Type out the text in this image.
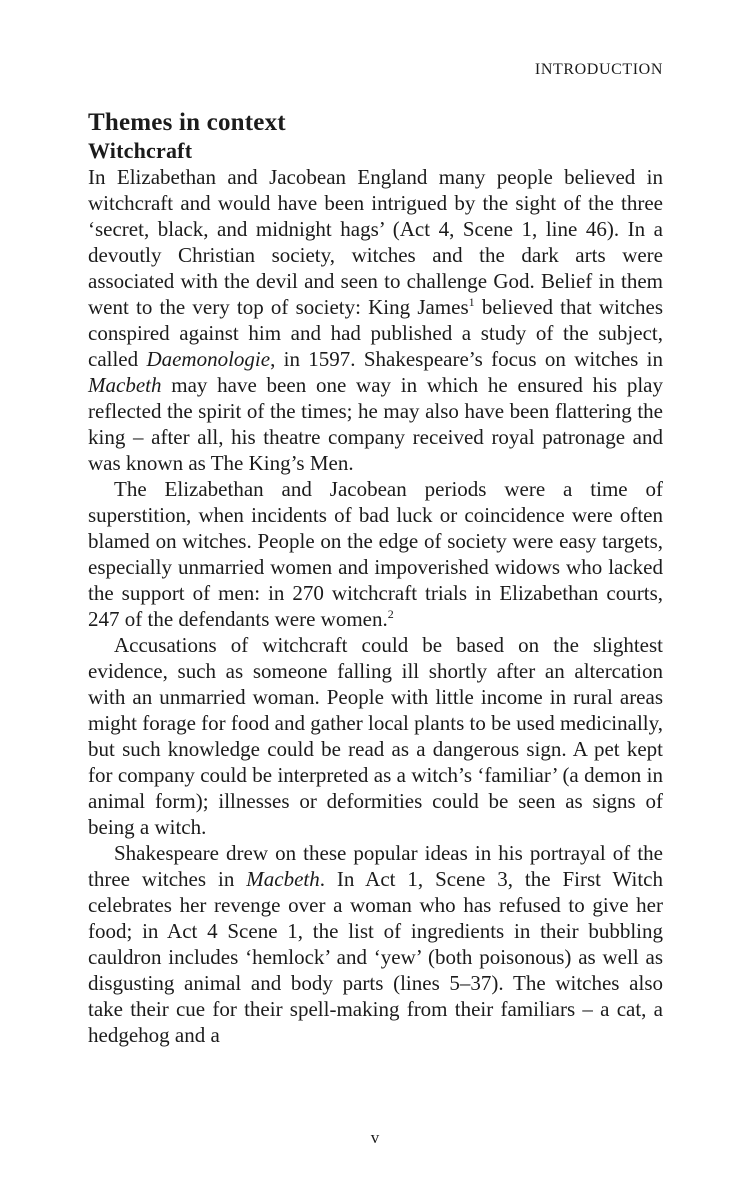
INTRODUCTION
Themes in context
Witchcraft

In Elizabethan and Jacobean England many people believed in witchcraft and would have been intrigued by the sight of the three ‘secret, black, and midnight hags’ (Act 4, Scene 1, line 46). In a devoutly Christian society, witches and the dark arts were associated with the devil and seen to challenge God. Belief in them went to the very top of society: King James$^1$ believed that witches conspired against him and had published a study of the subject, called Daemonologie, in 1597. Shakespeare’s focus on witches in Macbeth may have been one way in which he ensured his play reflected the spirit of the times; he may also have been flattering the king – after all, his theatre company received royal patronage and was known as The King’s Men.

The Elizabethan and Jacobean periods were a time of superstition, when incidents of bad luck or coincidence were often blamed on witches. People on the edge of society were easy targets, especially unmarried women and impoverished widows who lacked the support of men: in 270 witchcraft trials in Elizabethan courts, 247 of the defendants were women.$^2$

Accusations of witchcraft could be based on the slightest evidence, such as someone falling ill shortly after an altercation with an unmarried woman. People with little income in rural areas might forage for food and gather local plants to be used medicinally, but such knowledge could be read as a dangerous sign. A pet kept for company could be interpreted as a witch’s ‘familiar’ (a demon in animal form); illnesses or deformities could be seen as signs of being a witch.

Shakespeare drew on these popular ideas in his portrayal of the three witches in Macbeth. In Act 1, Scene 3, the First Witch celebrates her revenge over a woman who has refused to give her food; in Act 4 Scene 1, the list of ingredients in their bubbling cauldron includes ‘hemlock’ and ‘yew’ (both poisonous) as well as disgusting animal and body parts (lines 5–37). The witches also take their cue for their spell-making from their familiars – a cat, a hedgehog and a

v
